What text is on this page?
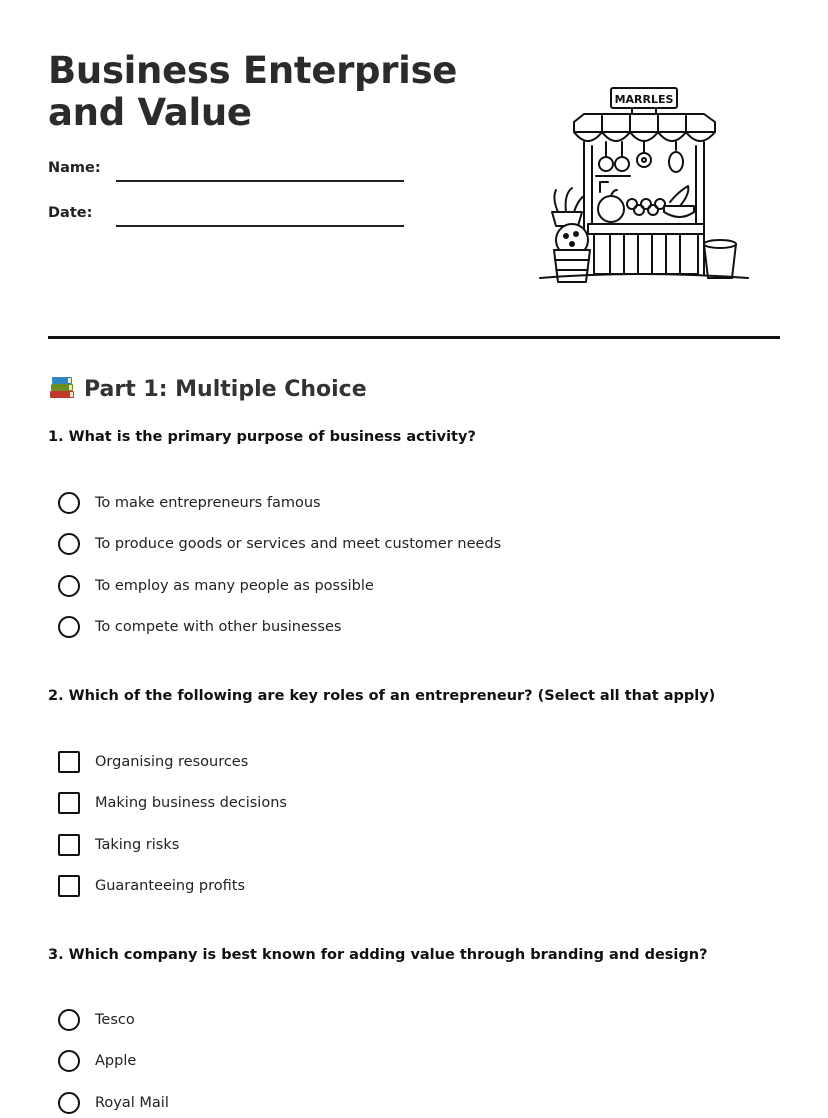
Business Enterprise and Value
Name:
Date:
MARRLES
Part 1: Multiple Choice

1. What is the primary purpose of business activity?

To make entrepreneurs famous
To produce goods or services and meet customer needs
To employ as many people as possible
To compete with other businesses

2. Which of the following are key roles of an entrepreneur? (Select all that apply)

Organising resources
Making business decisions
Taking risks
Guaranteeing profits

3. Which company is best known for adding value through branding and design?

Tesco
Apple
Royal Mail
